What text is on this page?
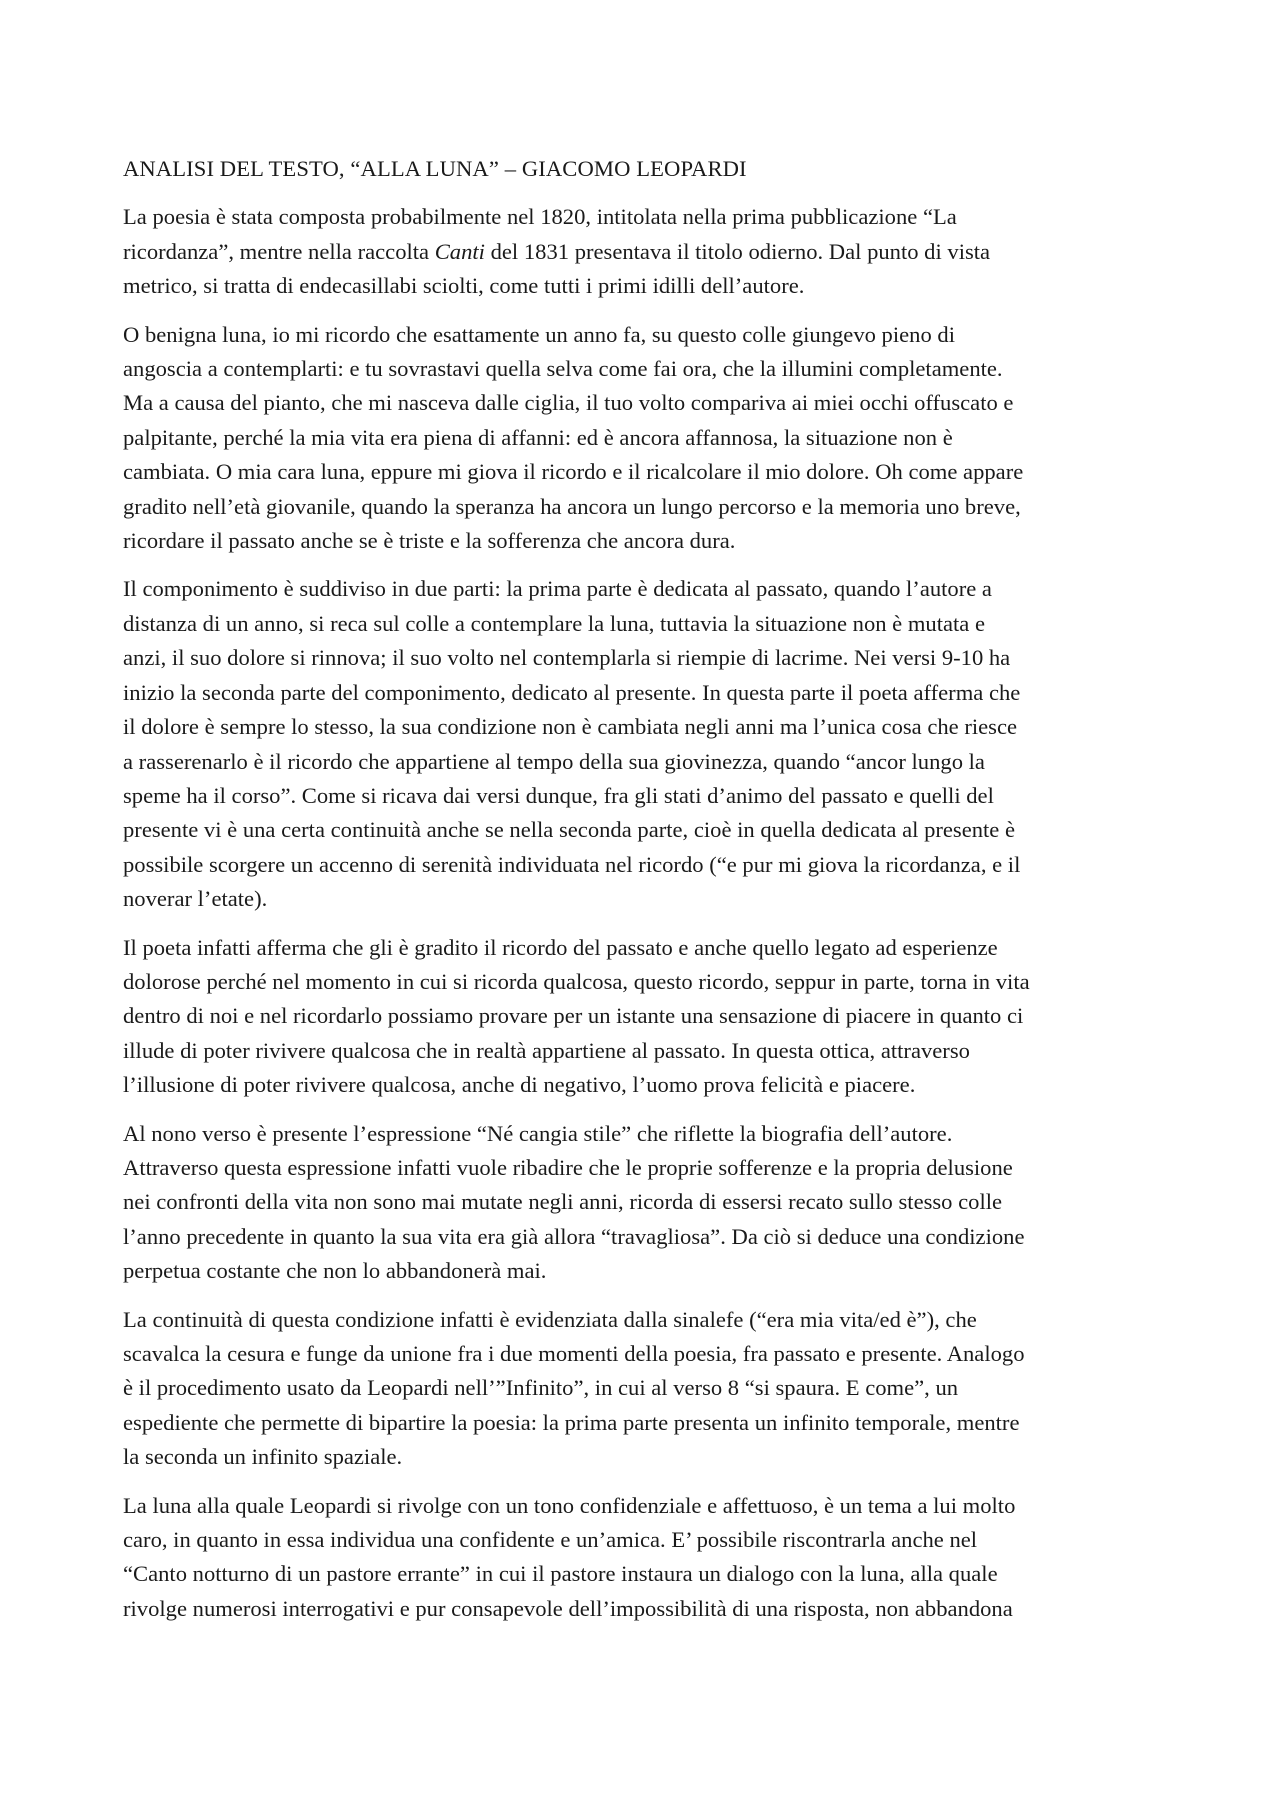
ANALISI DEL TESTO, “ALLA LUNA” – GIACOMO LEOPARDI
La poesia è stata composta probabilmente nel 1820, intitolata nella prima pubblicazione “La
ricordanza”, mentre nella raccolta Canti del 1831 presentava il titolo odierno. Dal punto di vista
metrico, si tratta di endecasillabi sciolti, come tutti i primi idilli dell’autore.
O benigna luna, io mi ricordo che esattamente un anno fa, su questo colle giungevo pieno di
angoscia a contemplarti: e tu sovrastavi quella selva come fai ora, che la illumini completamente.
Ma a causa del pianto, che mi nasceva dalle ciglia, il tuo volto compariva ai miei occhi offuscato e
palpitante, perché la mia vita era piena di affanni: ed è ancora affannosa, la situazione non è
cambiata. O mia cara luna, eppure mi giova il ricordo e il ricalcolare il mio dolore. Oh come appare
gradito nell’età giovanile, quando la speranza ha ancora un lungo percorso e la memoria uno breve,
ricordare il passato anche se è triste e la sofferenza che ancora dura.
Il componimento è suddiviso in due parti: la prima parte è dedicata al passato, quando l’autore a
distanza di un anno, si reca sul colle a contemplare la luna, tuttavia la situazione non è mutata e
anzi, il suo dolore si rinnova; il suo volto nel contemplarla si riempie di lacrime. Nei versi 9-10 ha
inizio la seconda parte del componimento, dedicato al presente. In questa parte il poeta afferma che
il dolore è sempre lo stesso, la sua condizione non è cambiata negli anni ma l’unica cosa che riesce
a rasserenarlo è il ricordo che appartiene al tempo della sua giovinezza, quando “ancor lungo la
speme ha il corso”. Come si ricava dai versi dunque, fra gli stati d’animo del passato e quelli del
presente vi è una certa continuità anche se nella seconda parte, cioè in quella dedicata al presente è
possibile scorgere un accenno di serenità individuata nel ricordo (“e pur mi giova la ricordanza, e il
noverar l’etate).
Il poeta infatti afferma che gli è gradito il ricordo del passato e anche quello legato ad esperienze
dolorose perché nel momento in cui si ricorda qualcosa, questo ricordo, seppur in parte, torna in vita
dentro di noi e nel ricordarlo possiamo provare per un istante una sensazione di piacere in quanto ci
illude di poter rivivere qualcosa che in realtà appartiene al passato. In questa ottica, attraverso
l’illusione di poter rivivere qualcosa, anche di negativo, l’uomo prova felicità e piacere.
Al nono verso è presente l’espressione “Né cangia stile” che riflette la biografia dell’autore.
Attraverso questa espressione infatti vuole ribadire che le proprie sofferenze e la propria delusione
nei confronti della vita non sono mai mutate negli anni, ricorda di essersi recato sullo stesso colle
l’anno precedente in quanto la sua vita era già allora “travagliosa”. Da ciò si deduce una condizione
perpetua costante che non lo abbandonerà mai.
La continuità di questa condizione infatti è evidenziata dalla sinalefe (“era mia vita/ed è”), che
scavalca la cesura e funge da unione fra i due momenti della poesia, fra passato e presente. Analogo
è il procedimento usato da Leopardi nell’”Infinito”, in cui al verso 8 “si spaura. E come”, un
espediente che permette di bipartire la poesia: la prima parte presenta un infinito temporale, mentre
la seconda un infinito spaziale.
La luna alla quale Leopardi si rivolge con un tono confidenziale e affettuoso, è un tema a lui molto
caro, in quanto in essa individua una confidente e un’amica. E’ possibile riscontrarla anche nel
“Canto notturno di un pastore errante” in cui il pastore instaura un dialogo con la luna, alla quale
rivolge numerosi interrogativi e pur consapevole dell’impossibilità di una risposta, non abbandona
